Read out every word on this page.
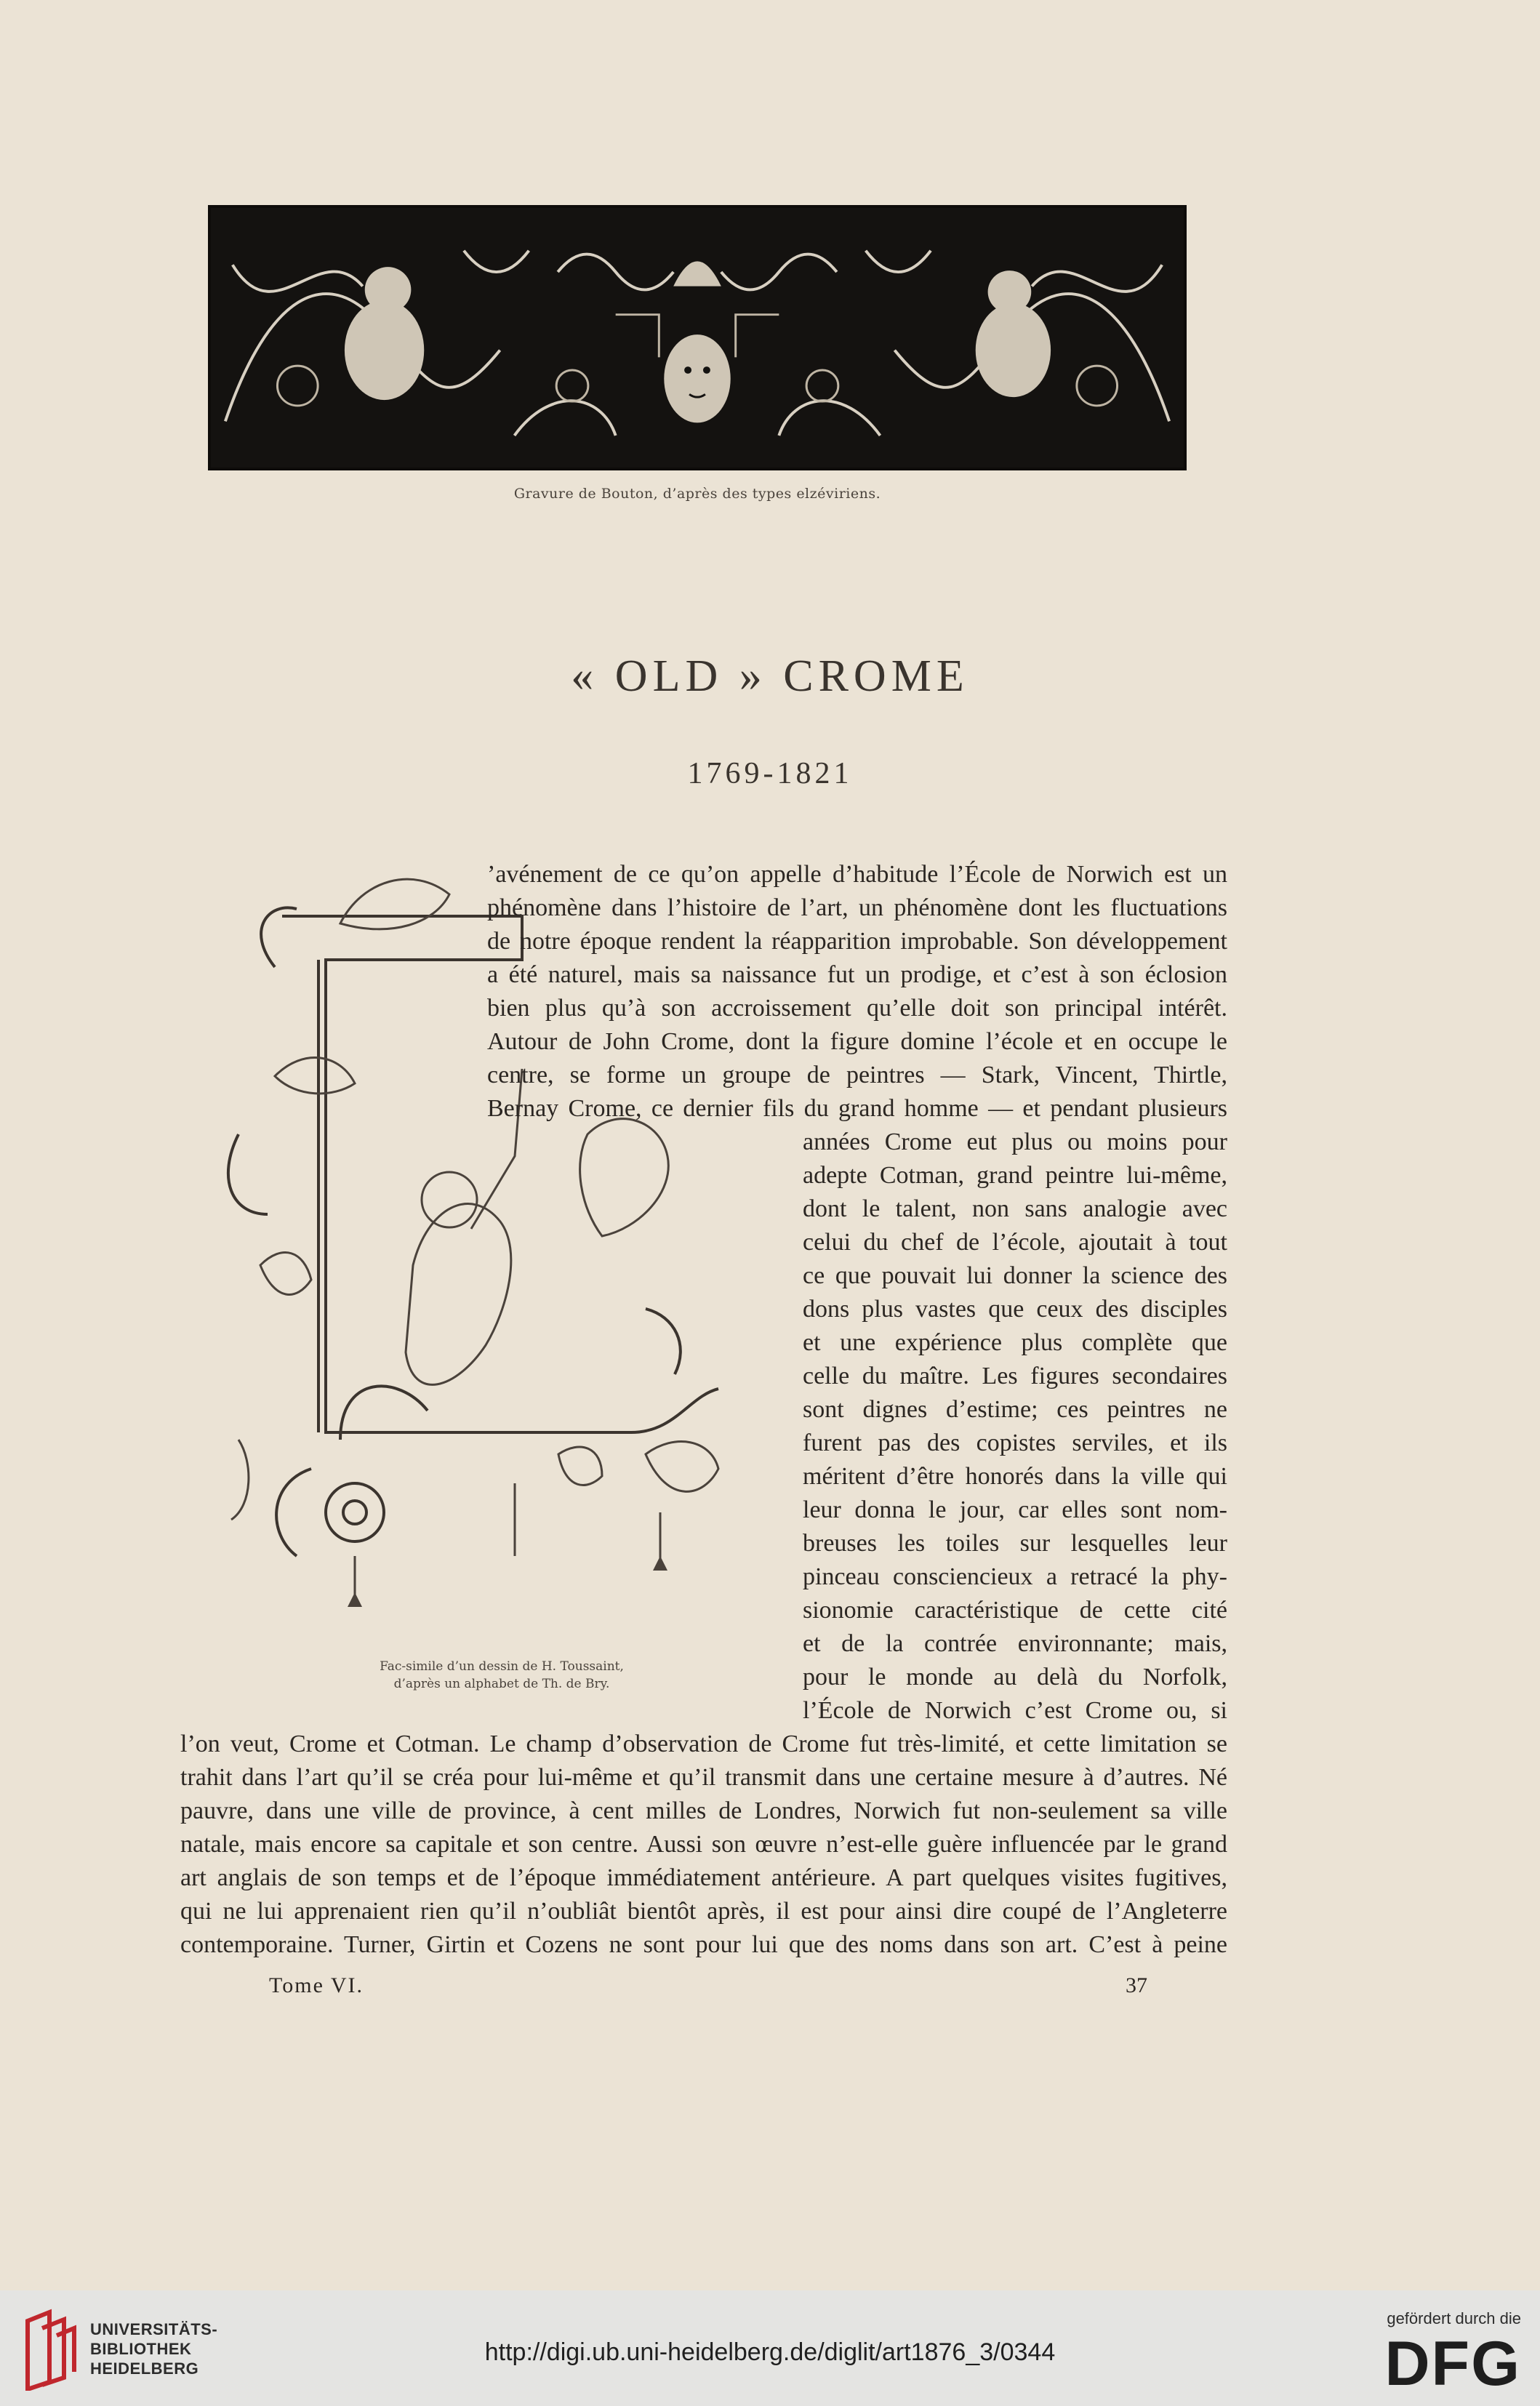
Gravure de Bouton, d’après des types elzéviriens.
« OLD » CROME
1769-1821
Fac-simile d’un dessin de H. Toussaint,
d’après un alphabet de Th. de Bry.
’avénement de ce qu’on appelle d’habitude l’École de Norwich est un
phénomène dans l’histoire de l’art, un phénomène dont les fluctuations
de notre époque rendent la réapparition improbable. Son développement
a été naturel, mais sa naissance fut un prodige, et c’est à son éclosion
bien plus qu’à son accroissement qu’elle doit son principal intérêt.
Autour de John Crome, dont la figure domine l’école et en occupe le
centre, se forme un groupe de peintres — Stark, Vincent, Thirtle,
Bernay Crome, ce dernier fils du grand homme — et pendant plusieurs
années Crome eut plus ou moins pour
adepte Cotman, grand peintre lui-même,
dont le talent, non sans analogie avec
celui du chef de l’école, ajoutait à tout
ce que pouvait lui donner la science des
dons plus vastes que ceux des disciples
et une expérience plus complète que
celle du maître. Les figures secondaires
sont dignes d’estime; ces peintres ne
furent pas des copistes serviles, et ils
méritent d’être honorés dans la ville qui
leur donna le jour, car elles sont nom-
breuses les toiles sur lesquelles leur
pinceau consciencieux a retracé la phy-
sionomie caractéristique de cette cité
et de la contrée environnante; mais,
pour le monde au delà du Norfolk,
l’École de Norwich c’est Crome ou, si
l’on veut, Crome et Cotman. Le champ d’observation de Crome fut très-limité, et cette limitation se
trahit dans l’art qu’il se créa pour lui-même et qu’il transmit dans une certaine mesure à d’autres. Né
pauvre, dans une ville de province, à cent milles de Londres, Norwich fut non-seulement sa ville
natale, mais encore sa capitale et son centre. Aussi son œuvre n’est-elle guère influencée par le grand
art anglais de son temps et de l’époque immédiatement antérieure. A part quelques visites fugitives,
qui ne lui apprenaient rien qu’il n’oubliât bientôt après, il est pour ainsi dire coupé de l’Angleterre
contemporaine. Turner, Girtin et Cozens ne sont pour lui que des noms dans son art. C’est à peine
Tome VI.	37
UNIVERSITÄTS-
BIBLIOTHEK
HEIDELBERG
http://digi.ub.uni-heidelberg.de/diglit/art1876_3/0344
gefördert durch die
DFG
